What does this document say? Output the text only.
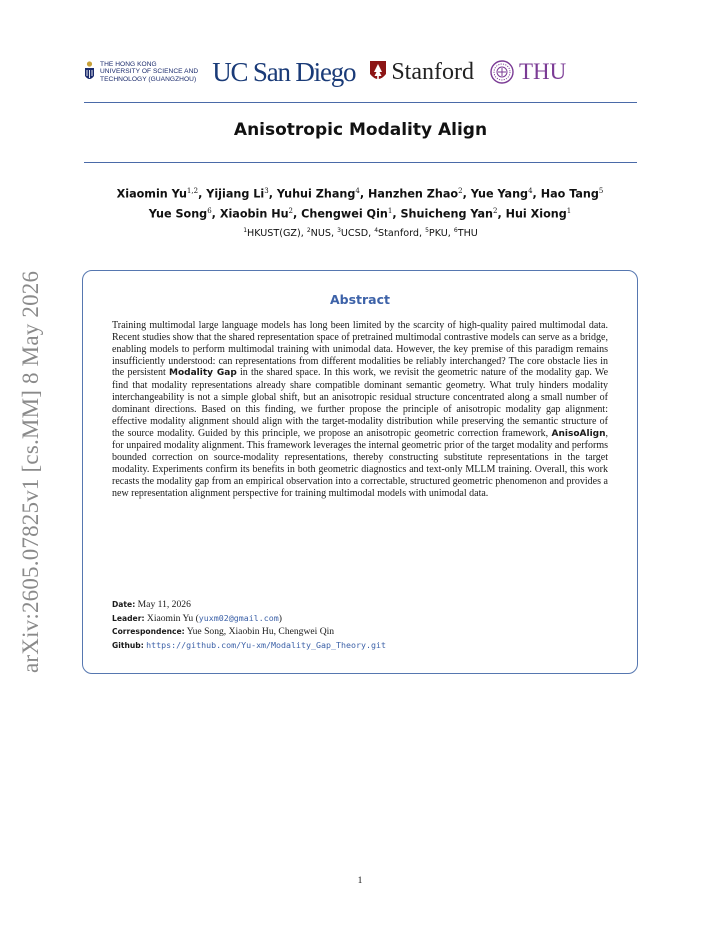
arXiv:2605.07825v1 [cs.MM] 8 May 2026
THE HONG KONG
UNIVERSITY OF SCIENCE AND
TECHNOLOGY (GUANGZHOU) UC San Diego Stanford THU
Anisotropic Modality Align
Xiaomin Yu$^{1,2}$, Yijiang Li$^3$, Yuhui Zhang$^4$, Hanzhen Zhao$^2$, Yue Yang$^4$, Hao Tang$^5$
Yue Song$^6$, Xiaobin Hu$^2$, Chengwei Qin$^1$, Shuicheng Yan$^2$, Hui Xiong$^1$
$^1$HKUST(GZ), $^2$NUS, $^3$UCSD, $^4$Stanford, $^5$PKU, $^6$THU
Abstract
Training multimodal large language models has long been limited by the scarcity of high-quality paired multimodal data. Recent studies show that the shared representation space of pretrained multimodal contrastive models can serve as a bridge, enabling models to perform multimodal training with unimodal data. However, the key premise of this paradigm remains insufficiently understood: can representations from different modalities be reliably interchanged? The core obstacle lies in the persistent Modality Gap in the shared space. In this work, we revisit the geometric nature of the modality gap. We find that modality representations already share compatible dominant semantic geometry. What truly hinders modality interchangeability is not a simple global shift, but an anisotropic residual structure concentrated along a small number of dominant directions. Based on this finding, we further propose the principle of anisotropic modality gap alignment: effective modality alignment should align with the target-modality distribution while preserving the semantic structure of the source modality. Guided by this principle, we propose an anisotropic geometric correction framework, AnisoAlign, for unpaired modality alignment. This framework leverages the internal geometric prior of the target modality and performs bounded correction on source-modality representations, thereby constructing substitute representations in the target modality. Experiments confirm its benefits in both geometric diagnostics and text-only MLLM training. Overall, this work recasts the modality gap from an empirical observation into a correctable, structured geometric phenomenon and provides a new representation alignment perspective for training multimodal models with unimodal data.
Date: May 11, 2026
Leader: Xiaomin Yu (yuxm02@gmail.com)
Correspondence: Yue Song, Xiaobin Hu, Chengwei Qin
Github: https://github.com/Yu-xm/Modality_Gap_Theory.git
1
